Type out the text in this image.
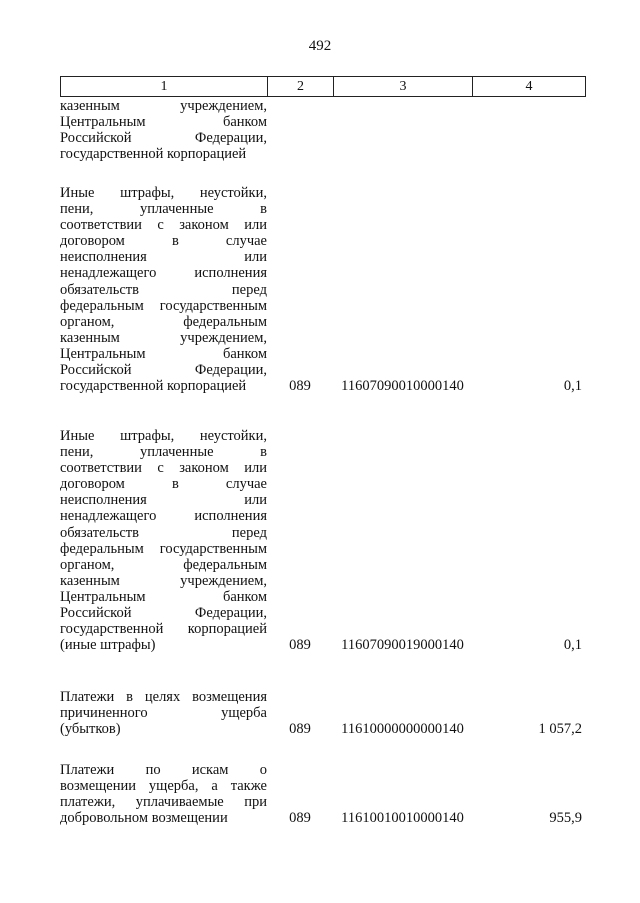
492
1	2	3	4
казенным учреждением,
Центральным банком
Российской Федерации,
государственной корпорацией
Иные штрафы, неустойки,
пени, уплаченные в
соответствии с законом или
договором в случае
неисполнения или
ненадлежащего исполнения
обязательств перед
федеральным государственным
органом, федеральным
казенным учреждением,
Центральным банком
Российской Федерации,
государственной корпорацией	089	11607090010000140	0,1
Иные штрафы, неустойки,
пени, уплаченные в
соответствии с законом или
договором в случае
неисполнения или
ненадлежащего исполнения
обязательств перед
федеральным государственным
органом, федеральным
казенным учреждением,
Центральным банком
Российской Федерации,
государственной корпорацией
(иные штрафы)	089	11607090019000140	0,1
Платежи в целях возмещения
причиненного ущерба
(убытков)	089	11610000000000140	1 057,2
Платежи по искам о
возмещении ущерба, а также
платежи, уплачиваемые при
добровольном возмещении	089	11610010010000140	955,9
